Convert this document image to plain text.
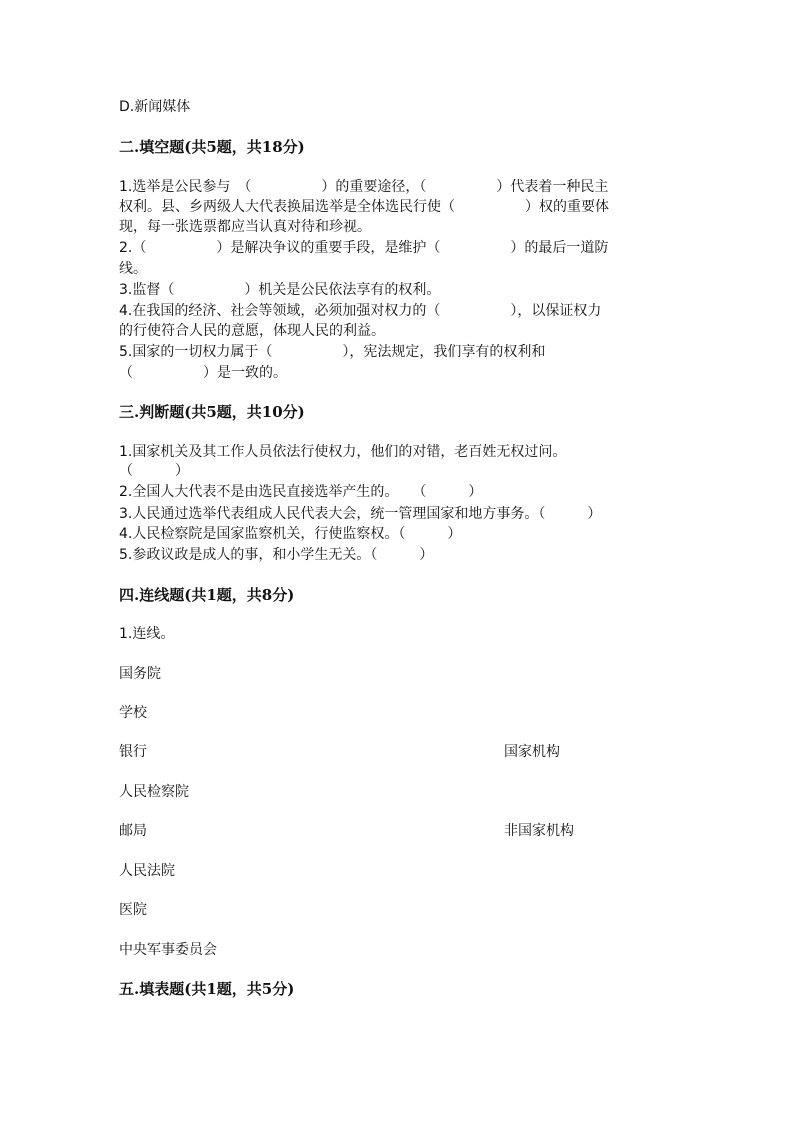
D.新闻媒体
二.填空题(共5题，共18分)
1.选举是公民参与　（　　　　　）的重要途径，（　　　　　）代表着一种民主
权利。县、乡两级人大代表换届选举是全体选民行使（　　　　　）权的重要体
现，每一张选票都应当认真对待和珍视。
2.（　　　　　）是解决争议的重要手段，是维护（　　　　　）的最后一道防
线。
3.监督（　　　　　）机关是公民依法享有的权利。
4.在我国的经济、社会等领域，必须加强对权力的（　　　　　），以保证权力
的行使符合人民的意愿，体现人民的利益。
5.国家的一切权力属于（　　　　　），宪法规定，我们享有的权利和
（　　　　　）是一致的。
三.判断题(共5题，共10分)
1.国家机关及其工作人员依法行使权力，他们的对错，老百姓无权过问。
（　　　）
2.全国人大代表不是由选民直接选举产生的。　　（　　　）
3.人民通过选举代表组成人民代表大会，统一管理国家和地方事务。（　　　）
4.人民检察院是国家监察机关，行使监察权。（　　　）
5.参政议政是成人的事，和小学生无关。（　　　）
四.连线题(共1题，共8分)
1.连线。
国务院
学校
银行	国家机构
人民检察院
邮局	非国家机构
人民法院
医院
中央军事委员会
五.填表题(共1题，共5分)
